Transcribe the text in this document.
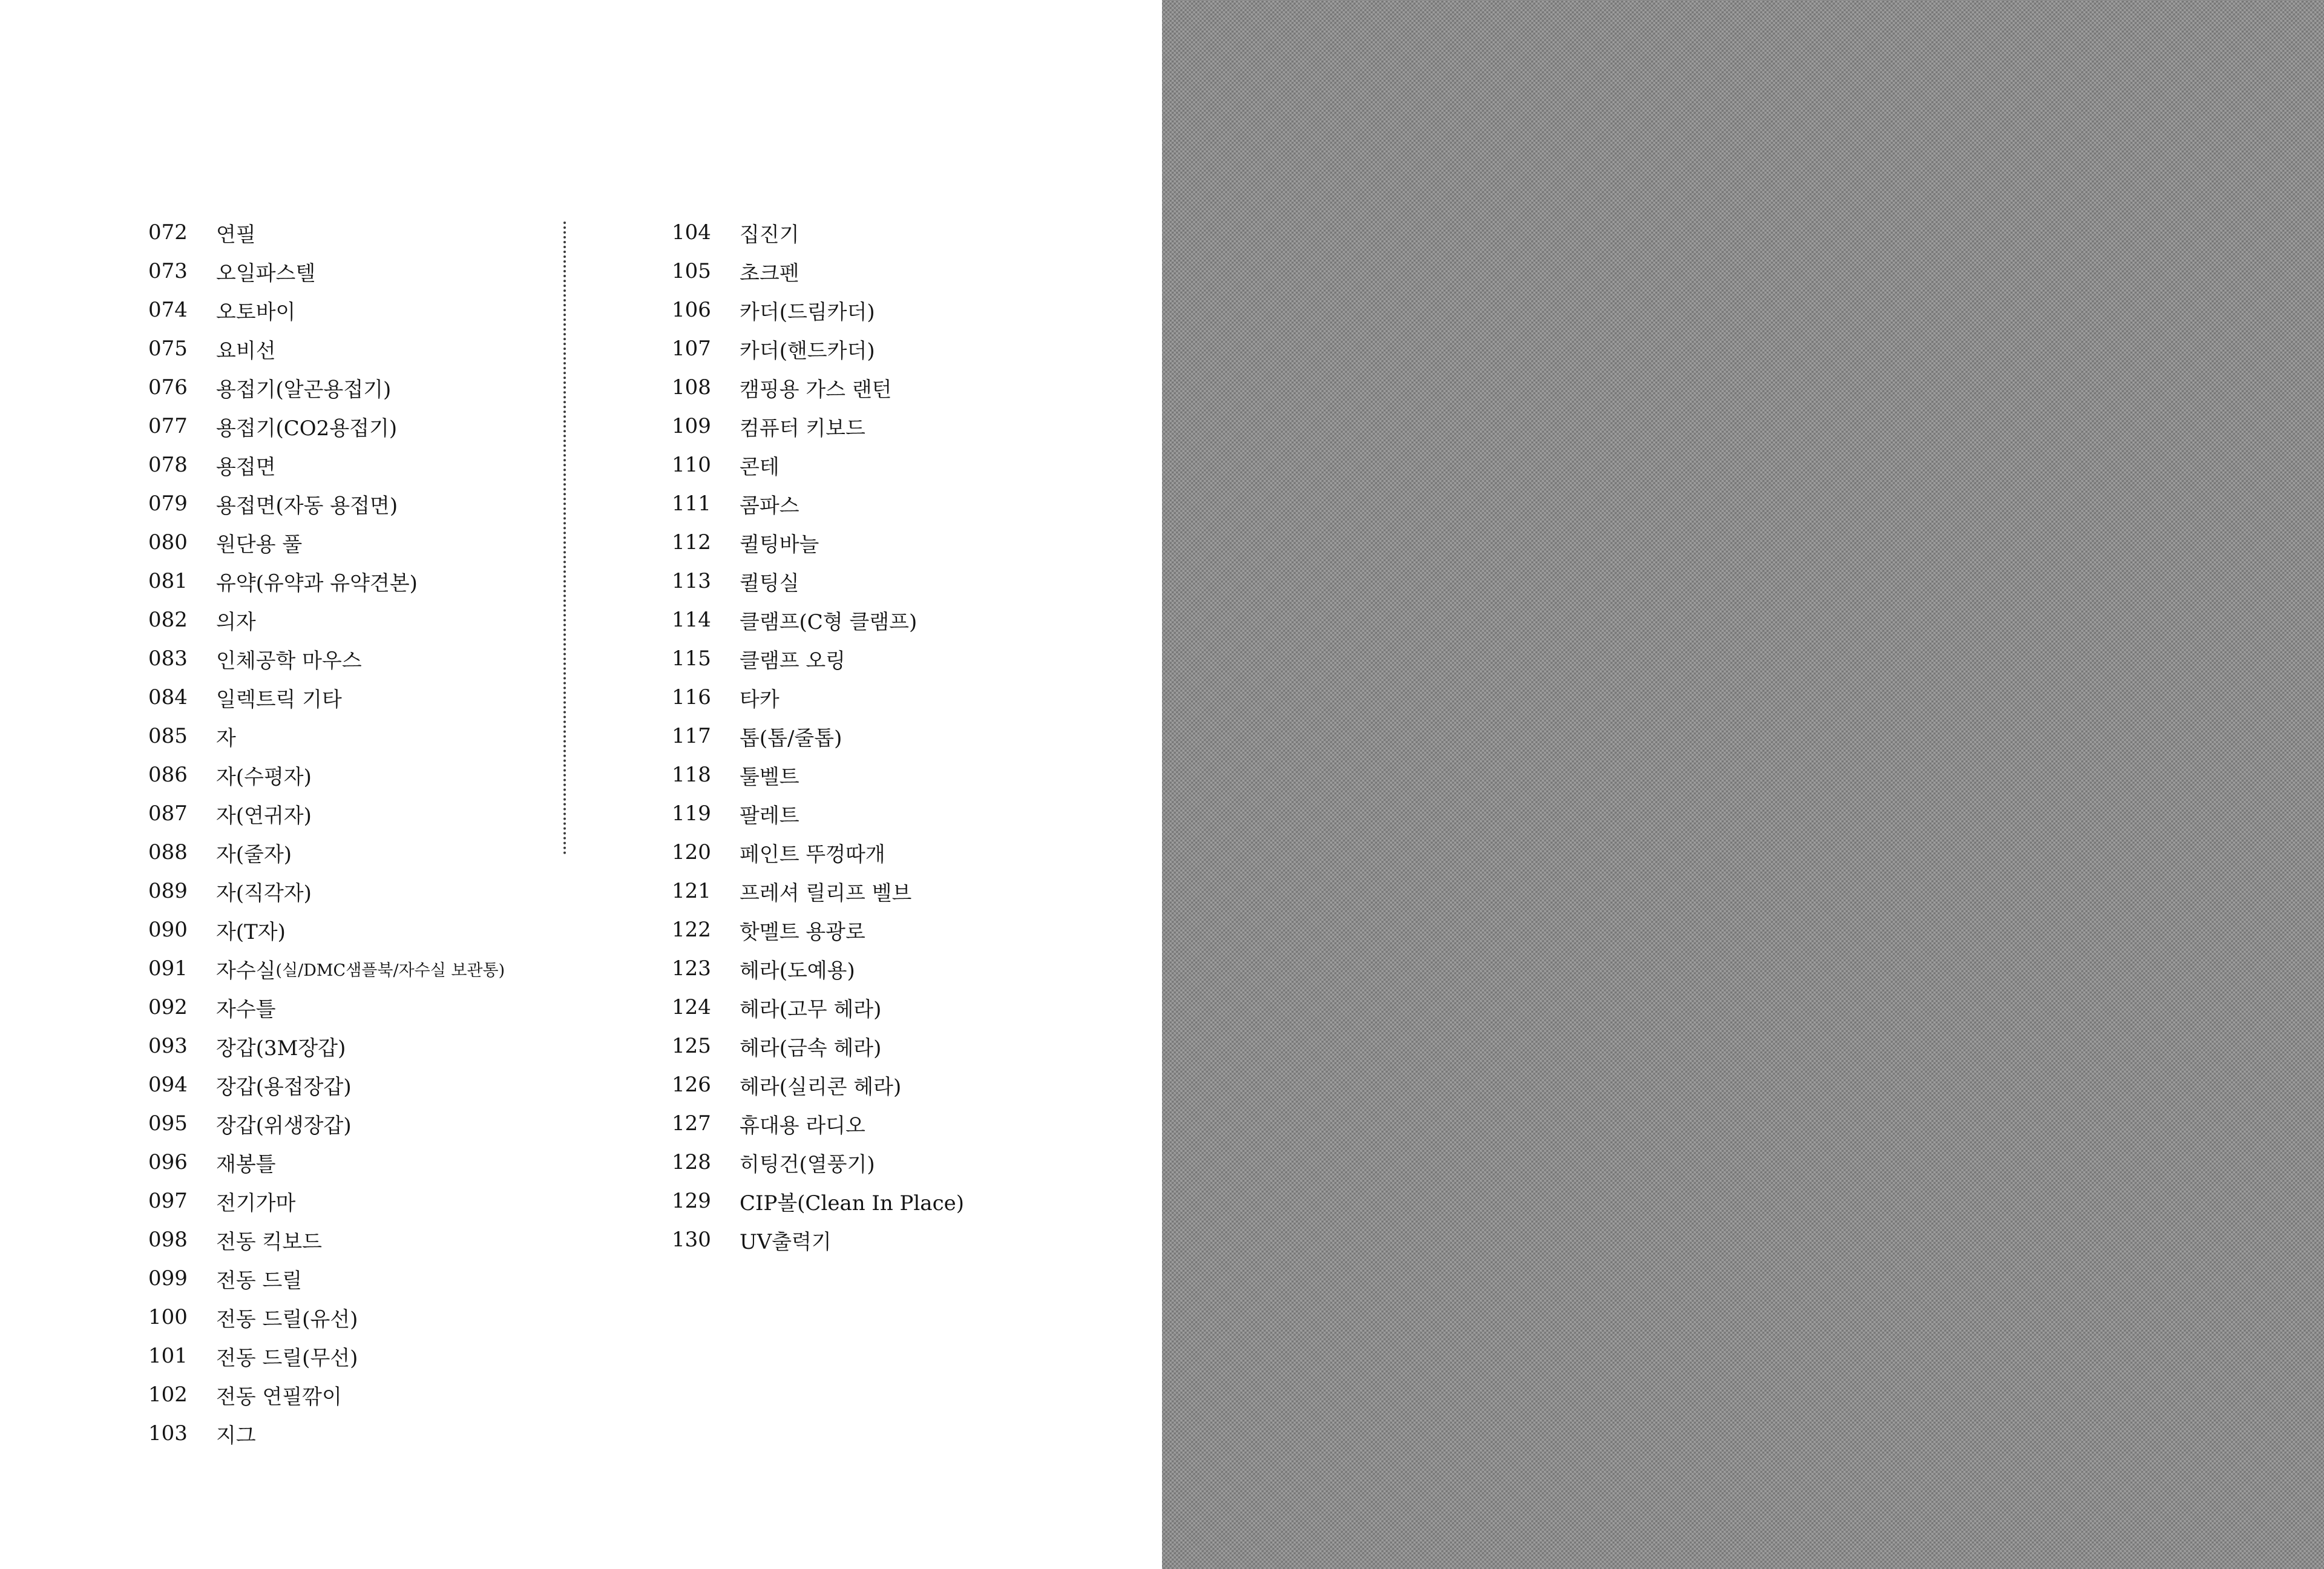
072	연필
073	오일파스텔
074	오토바이
075	요비선
076	용접기(알곤용접기)
077	용접기(CO2용접기)
078	용접면
079	용접면(자동 용접면)
080	원단용 풀
081	유약(유약과 유약견본)
082	의자
083	인체공학 마우스
084	일렉트릭 기타
085	자
086	자(수평자)
087	자(연귀자)
088	자(줄자)
089	자(직각자)
090	자(T자)
091	자수실 (실/DMC샘플북/자수실 보관통)
092	자수틀
093	장갑(3M장갑)
094	장갑(용접장갑)
095	장갑(위생장갑)
096	재봉틀
097	전기가마
098	전동 킥보드
099	전동 드릴
100	전동 드릴(유선)
101	전동 드릴(무선)
102	전동 연필깎이
103	지그
104	집진기
105	초크펜
106	카더(드림카더)
107	카더(핸드카더)
108	캠핑용 가스 랜턴
109	컴퓨터 키보드
110	콘테
111	콤파스
112	퀼팅바늘
113	퀼팅실
114	클램프(C형 클램프)
115	클램프 오링
116	타카
117	톱(톱/줄톱)
118	툴벨트
119	팔레트
120	페인트 뚜껑따개
121	프레셔 릴리프 벨브
122	핫멜트 용광로
123	헤라(도예용)
124	헤라(고무 헤라)
125	헤라(금속 헤라)
126	헤라(실리콘 헤라)
127	휴대용 라디오
128	히팅건(열풍기)
129	CIP볼(Clean In Place)
130	UV출력기
